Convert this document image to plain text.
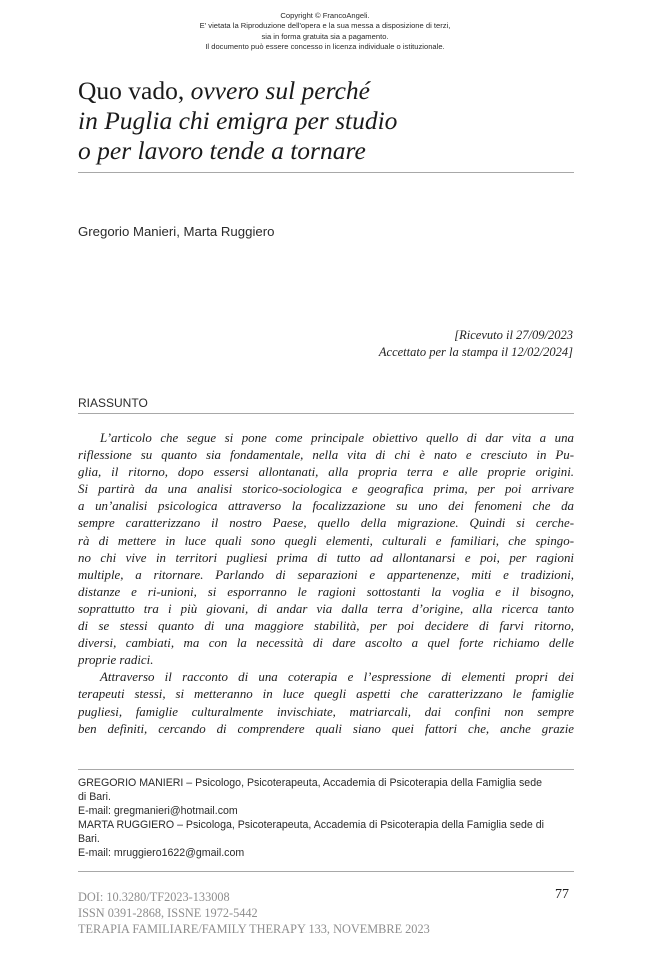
Copyright © FrancoAngeli.
E' vietata la Riproduzione dell'opera e la sua messa a disposizione di terzi,
sia in forma gratuita sia a pagamento.
Il documento può essere concesso in licenza individuale o istituzionale.
Quo vado, ovvero sul perché
in Puglia chi emigra per studio
o per lavoro tende a tornare
Gregorio Manieri, Marta Ruggiero
[Ricevuto il 27/09/2023
Accettato per la stampa il 12/02/2024]
RIASSUNTO
L’articolo che segue si pone come principale obiettivo quello di dar vita a una
riflessione su quanto sia fondamentale, nella vita di chi è nato e cresciuto in Pu-
glia, il ritorno, dopo essersi allontanati, alla propria terra e alle proprie origini.
Si partirà da una analisi storico-sociologica e geografica prima, per poi arrivare
a un’analisi psicologica attraverso la focalizzazione su uno dei fenomeni che da
sempre caratterizzano il nostro Paese, quello della migrazione. Quindi si cerche-
rà di mettere in luce quali sono quegli elementi, culturali e familiari, che spingo-
no chi vive in territori pugliesi prima di tutto ad allontanarsi e poi, per ragioni
multiple, a ritornare. Parlando di separazioni e appartenenze, miti e tradizioni,
distanze e ri-unioni, si esporranno le ragioni sottostanti la voglia e il bisogno,
soprattutto tra i più giovani, di andar via dalla terra d’origine, alla ricerca tanto
di se stessi quanto di una maggiore stabilità, per poi decidere di farvi ritorno,
diversi, cambiati, ma con la necessità di dare ascolto a quel forte richiamo delle
proprie radici.
Attraverso il racconto di una coterapia e l’espressione di elementi propri dei
terapeuti stessi, si metteranno in luce quegli aspetti che caratterizzano le famiglie
pugliesi, famiglie culturalmente invischiate, matriarcali, dai confini non sempre
ben definiti, cercando di comprendere quali siano quei fattori che, anche grazie
GREGORIO MANIERI – Psicologo, Psicoterapeuta, Accademia di Psicoterapia della Famiglia sede
di Bari.
E-mail: gregmanieri@hotmail.com
MARTA RUGGIERO – Psicologa, Psicoterapeuta, Accademia di Psicoterapia della Famiglia sede di
Bari.
E-mail: mruggiero1622@gmail.com
DOI: 10.3280/TF2023-133008
ISSN 0391-2868, ISSNE 1972-5442
TERAPIA FAMILIARE/FAMILY THERAPY 133, NOVEMBRE 2023
77
